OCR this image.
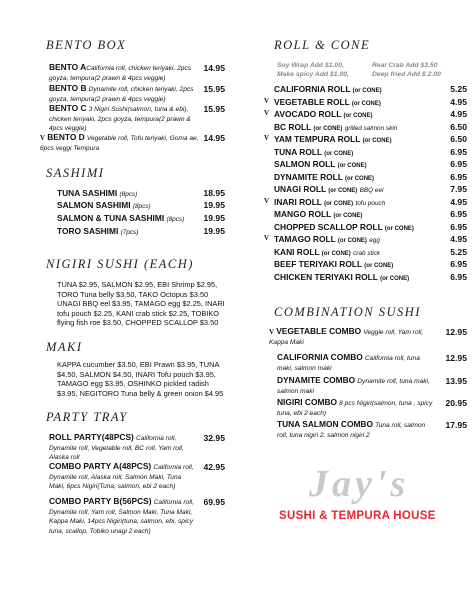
BENTO BOX
BENTO ACalifornia roll, chicken teriyaki, 2pcs goyza, tempura(2 prawn & 4pcs veggie)
14.95
BENTO B Dynamite roll, chicken teriyaki, 2pcs goyza, tempura(2 prawn & 4pcs veggie)
15.95
BENTO C 3 Nigiri Sushi(salmon, tuna & ebi), chicken teriyaki, 2pcs goyza, tempura(2 prawn & 4pcs veggie)
15.95
V BENTO D Vegetable roll, Tofu teriyaki, Goma ae, 6pcs veggi Tempura
14.95
SASHIMI
TUNA SASHIMI (8pcs)	18.95
SALMON SASHIMI (8pcs)	19.95
SALMON & TUNA SASHIMI (8pcs)	19.95
TORO SASHIMI (7pcs)	19.95
NIGIRI SUSHI (EACH)
TUNA $2.95, SALMON $2.95, EBI Shrimp $2.95,
TORO Tuna belly $3.50, TAKO Octopus $3.50
UNAGI BBQ eel $3.95, TAMAGO egg $2.25, INARI
tofu pouch $2.25, KANI crab stick $2.25, TOBIKO
flying fish roe $3.50, CHOPPED SCALLOP $3.50
MAKI
KAPPA cucumber $3.50, EBI Prawn $3.95, TUNA
$4.50, SALMON $4.50, INARI Tofu pouch $3.95,
TAMAGO egg $3.95, OSHINKO pickled radish
$3.95, NEGITORO Tuna belly & green onion $4.95
PARTY TRAY
ROLL PARTY(48PCS) California roll, Dynamite roll, Vegetable roll, BC roll, Yam roll, Alaska roll
32.95
COMBO PARTY A(48PCS) California roll, Dynamite roll, Alaska roll, Salmon Maki, Tuna Maki, 6pcs Nigiri(Tuna, salmon, ebi 2 each)
42.95
COMBO PARTY B(56PCS) California roll, Dynamite roll, Yam roll, Salmon Maki, Tuna Maki, Kappa Maki, 14pcs Nigiri(tuna, salmon, ebi, spicy tuna, scallop, Tobiko unagi 2 each)
69.95
ROLL & CONE
Soy Wrap Add $1.00,	Real Crab Add $3.50
Make spicy Add $1.00,	Deep fried Add $ 2.00
CALIFORNIA ROLL (or CONE)	5.25
V VEGETABLE ROLL (or CONE)	4.95
V AVOCADO ROLL (or CONE)	4.95
BC ROLL (or CONE) grilled salmon skin	6.50
V YAM TEMPURA ROLL (or CONE)	6.50
TUNA ROLL (or CONE)	6.95
SALMON ROLL (or CONE)	6.95
DYNAMITE ROLL (or CONE)	6.95
UNAGI ROLL (or CONE) BBQ eel	7.95
V INARI ROLL (or CONE) tofu pouch	4.95
MANGO ROLL (or CONE)	6.95
CHOPPED SCALLOP ROLL (or CONE)	6.95
V TAMAGO ROLL (or CONE) egg	4.95
KANI ROLL (or CONE) crab stick	5.25
BEEF TERIYAKI ROLL (or CONE)	6.95
CHICKEN TERIYAKI ROLL (or CONE)	6.95
COMBINATION SUSHI
V VEGETABLE COMBO Veggie roll, Yam roll, Kappa Maki
12.95
CALIFORNIA COMBO California roll, tuna maki, salmon maki
12.95
DYNAMITE COMBO Dynamite roll, tuna maki, salmon maki
13.95
NIGIRI COMBO 8 pcs Nigiri(salmon, tuna , spicy tuna, ebi 2 each)
20.95
TUNA SALMON COMBO Tuna roll, salmon roll, tuna nigiri 2, salmon nigiri 2
17.95
Jay's
SUSHI & TEMPURA HOUSE
